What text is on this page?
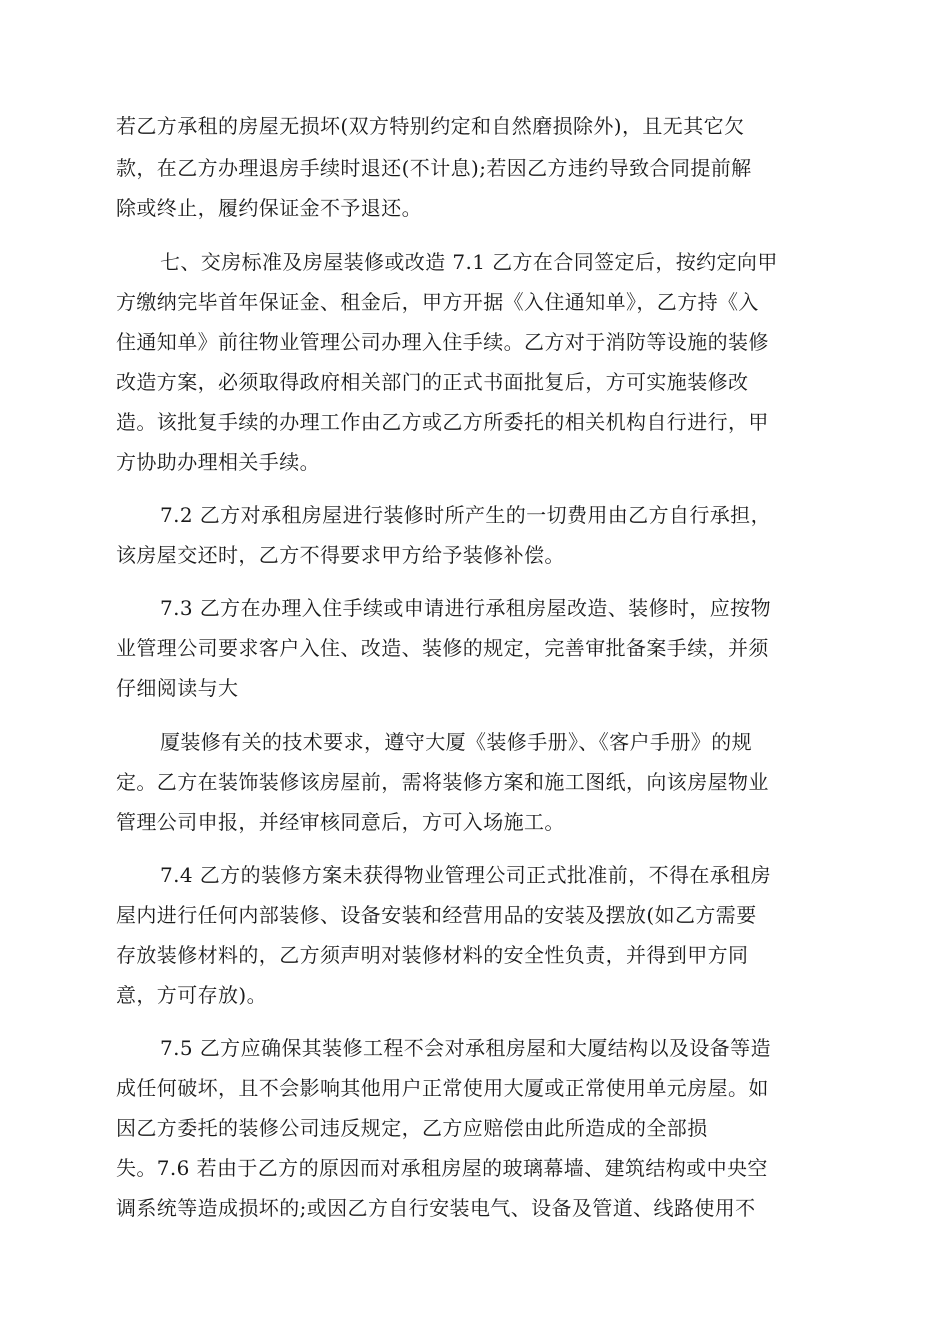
若乙方承租的房屋无损坏(双方特别约定和自然磨损除外)，且无其它欠
款，在乙方办理退房手续时退还(不计息);若因乙方违约导致合同提前解
除或终止，履约保证金不予退还。
七、交房标准及房屋装修或改造 7.1 乙方在合同签定后，按约定向甲
方缴纳完毕首年保证金、租金后，甲方开据《入住通知单》，乙方持《入
住通知单》前往物业管理公司办理入住手续。乙方对于消防等设施的装修
改造方案，必须取得政府相关部门的正式书面批复后，方可实施装修改
造。该批复手续的办理工作由乙方或乙方所委托的相关机构自行进行，甲
方协助办理相关手续。
7.2 乙方对承租房屋进行装修时所产生的一切费用由乙方自行承担，
该房屋交还时，乙方不得要求甲方给予装修补偿。
7.3 乙方在办理入住手续或申请进行承租房屋改造、装修时，应按物
业管理公司要求客户入住、改造、装修的规定，完善审批备案手续，并须
仔细阅读与大
厦装修有关的技术要求，遵守大厦《装修手册》、《客户手册》的规
定。乙方在装饰装修该房屋前，需将装修方案和施工图纸，向该房屋物业
管理公司申报，并经审核同意后，方可入场施工。
7.4 乙方的装修方案未获得物业管理公司正式批准前，不得在承租房
屋内进行任何内部装修、设备安装和经营用品的安装及摆放(如乙方需要
存放装修材料的，乙方须声明对装修材料的安全性负责，并得到甲方同
意，方可存放)。
7.5 乙方应确保其装修工程不会对承租房屋和大厦结构以及设备等造
成任何破坏，且不会影响其他用户正常使用大厦或正常使用单元房屋。如
因乙方委托的装修公司违反规定，乙方应赔偿由此所造成的全部损
失。7.6 若由于乙方的原因而对承租房屋的玻璃幕墙、建筑结构或中央空
调系统等造成损坏的;或因乙方自行安装电气、设备及管道、线路使用不
